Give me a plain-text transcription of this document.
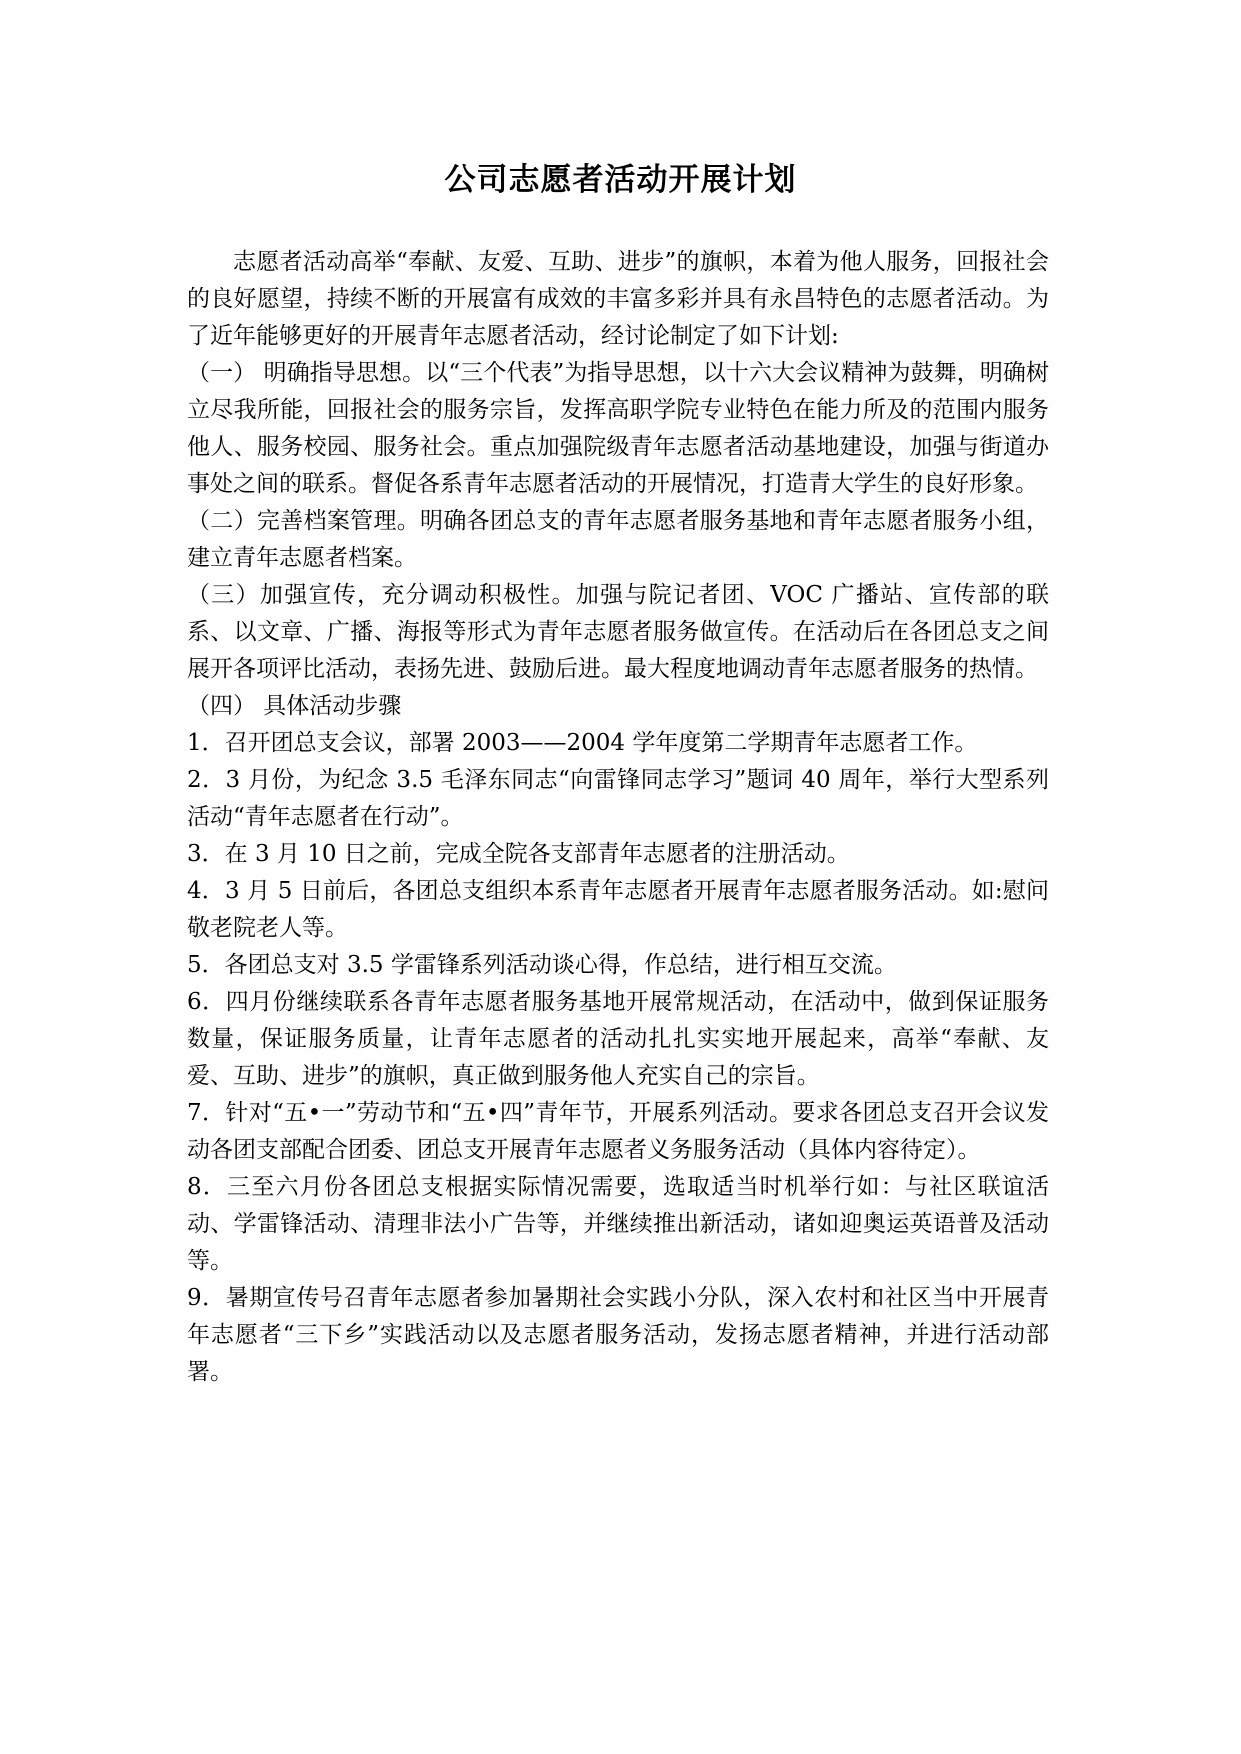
公司志愿者活动开展计划

志愿者活动高举“奉献、友爱、互助、进步”的旗帜，本着为他人服务，回报社会的良好愿望，持续不断的开展富有成效的丰富多彩并具有永昌特色的志愿者活动。为了近年能够更好的开展青年志愿者活动，经讨论制定了如下计划:

（一） 明确指导思想。以“三个代表”为指导思想，以十六大会议精神为鼓舞，明确树立尽我所能，回报社会的服务宗旨，发挥高职学院专业特色在能力所及的范围内服务他人、服务校园、服务社会。重点加强院级青年志愿者活动基地建设，加强与街道办事处之间的联系。督促各系青年志愿者活动的开展情况，打造青大学生的良好形象。

（二）完善档案管理。明确各团总支的青年志愿者服务基地和青年志愿者服务小组，建立青年志愿者档案。

（三）加强宣传，充分调动积极性。加强与院记者团、VOC 广播站、宣传部的联系、以文章、广播、海报等形式为青年志愿者服务做宣传。在活动后在各团总支之间展开各项评比活动，表扬先进、鼓励后进。最大程度地调动青年志愿者服务的热情。

（四） 具体活动步骤

1．召开团总支会议，部署 2003——2004 学年度第二学期青年志愿者工作。

2．3 月份，为纪念 3.5 毛泽东同志“向雷锋同志学习”题词 40 周年，举行大型系列活动“青年志愿者在行动”。

3．在 3 月 10 日之前，完成全院各支部青年志愿者的注册活动。

4．3 月 5 日前后，各团总支组织本系青年志愿者开展青年志愿者服务活动。如:慰问敬老院老人等。

5．各团总支对 3.5 学雷锋系列活动谈心得，作总结，进行相互交流。

6．四月份继续联系各青年志愿者服务基地开展常规活动，在活动中，做到保证服务数量，保证服务质量，让青年志愿者的活动扎扎实实地开展起来，高举“奉献、友爱、互助、进步”的旗帜，真正做到服务他人充实自己的宗旨。

7．针对“五•一”劳动节和“五•四”青年节，开展系列活动。要求各团总支召开会议发动各团支部配合团委、团总支开展青年志愿者义务服务活动（具体内容待定）。

8．三至六月份各团总支根据实际情况需要，选取适当时机举行如：与社区联谊活动、学雷锋活动、清理非法小广告等，并继续推出新活动，诸如迎奥运英语普及活动等。

9．暑期宣传号召青年志愿者参加暑期社会实践小分队，深入农村和社区当中开展青年志愿者“三下乡”实践活动以及志愿者服务活动，发扬志愿者精神，并进行活动部署。
